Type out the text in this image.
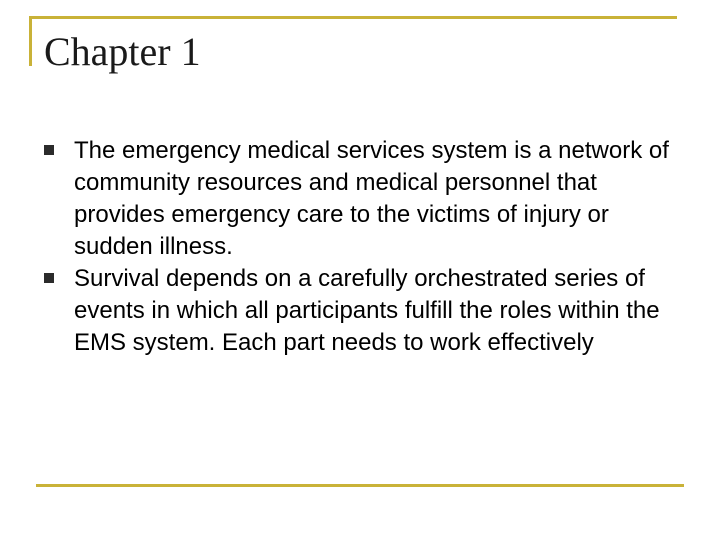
Chapter 1
The emergency medical services system is a network of community resources and medical personnel that provides emergency care to the victims of injury or sudden illness.
Survival depends on a carefully orchestrated series of events in which all participants fulfill the roles within the EMS system. Each part needs to work effectively
